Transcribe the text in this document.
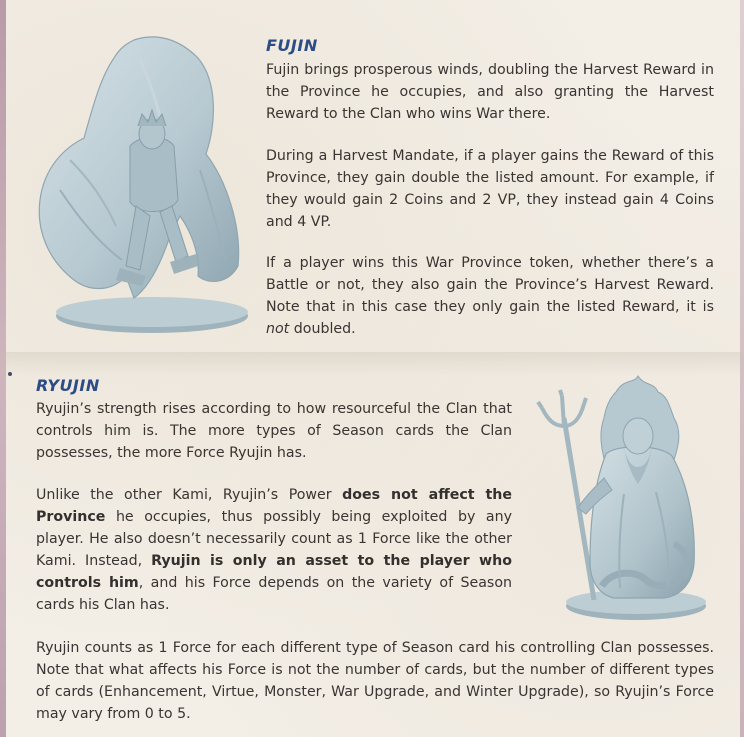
FUJIN

Fujin brings prosperous winds, doubling the Harvest Reward in the Province he occupies, and also granting the Harvest Reward to the Clan who wins War there.

During a Harvest Mandate, if a player gains the Reward of this Province, they gain double the listed amount. For example, if they would gain 2 Coins and 2 VP, they instead gain 4 Coins and 4 VP.

If a player wins this War Province token, whether there’s a Battle or not, they also gain the Province’s Harvest Reward. Note that in this case they only gain the listed Reward, it is not doubled.

RYUJIN

Ryujin’s strength rises according to how resourceful the Clan that controls him is. The more types of Season cards the Clan possesses, the more Force Ryujin has.

Unlike the other Kami, Ryujin’s Power does not affect the Province he occupies, thus possibly being exploited by any player. He also doesn’t necessarily count as 1 Force like the other Kami. Instead, Ryujin is only an asset to the player who controls him, and his Force depends on the variety of Season cards his Clan has.

Ryujin counts as 1 Force for each different type of Season card his controlling Clan possesses. Note that what affects his Force is not the number of cards, but the number of different types of cards (Enhancement, Virtue, Monster, War Upgrade, and Winter Upgrade), so Ryujin’s Force may vary from 0 to 5.
